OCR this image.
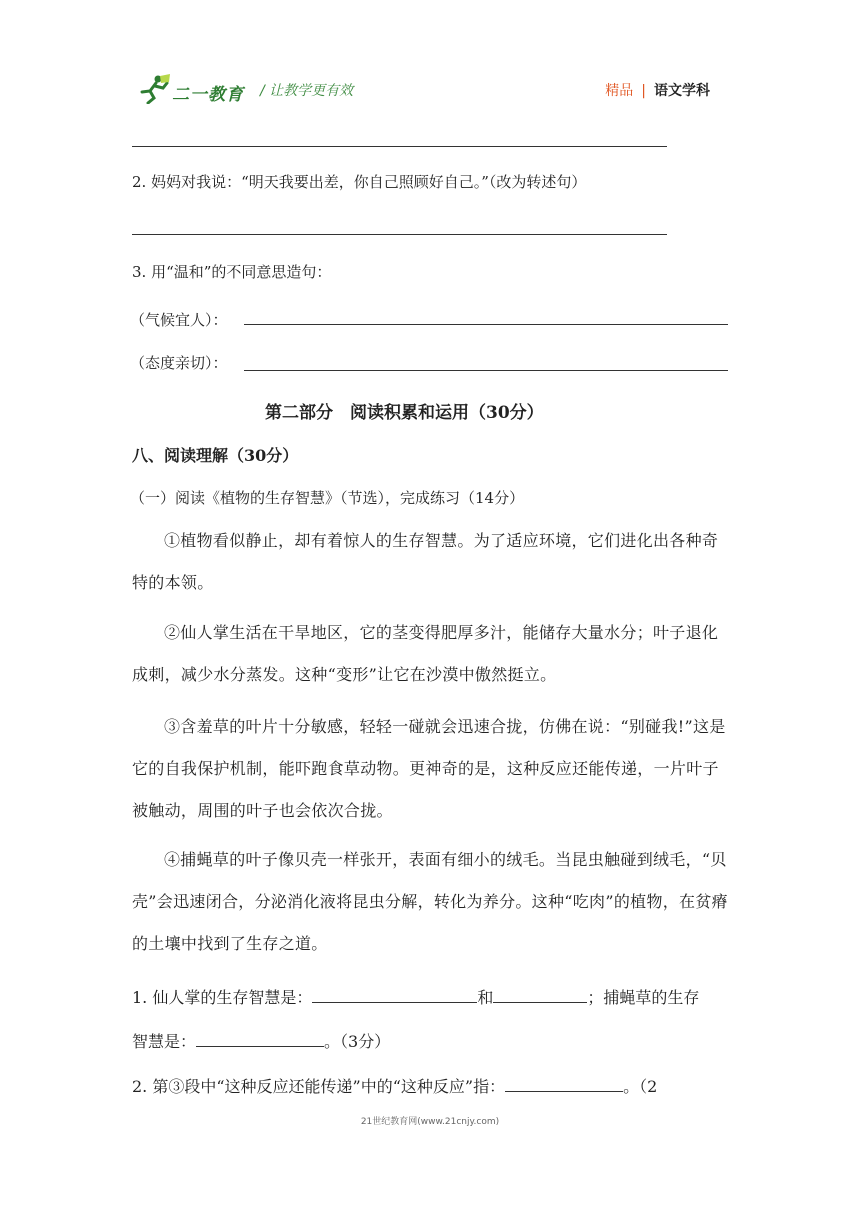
二一教育 / 让教学更有效	精品 | 语文学科
2. 妈妈对我说：“明天我要出差，你自己照顾好自己。”（改为转述句）
3. 用“温和”的不同意思造句：
（气候宜人）：
（态度亲切）：
第二部分　阅读积累和运用（30分）
八、阅读理解（30分）
（一）阅读《植物的生存智慧》（节选），完成练习（14分）
①植物看似静止，却有着惊人的生存智慧。为了适应环境，它们进化出各种奇特的本领。
②仙人掌生活在干旱地区，它的茎变得肥厚多汁，能储存大量水分；叶子退化成刺，减少水分蒸发。这种“变形”让它在沙漠中傲然挺立。
③含羞草的叶片十分敏感，轻轻一碰就会迅速合拢，仿佛在说：“别碰我!”这是它的自我保护机制，能吓跑食草动物。更神奇的是，这种反应还能传递，一片叶子被触动，周围的叶子也会依次合拢。
④捕蝇草的叶子像贝壳一样张开，表面有细小的绒毛。当昆虫触碰到绒毛，“贝壳”会迅速闭合，分泌消化液将昆虫分解，转化为养分。这种“吃肉”的植物，在贫瘠的土壤中找到了生存之道。
1. 仙人掌的生存智慧是：	和	；捕蝇草的生存
智慧是：	。（3分）
2. 第③段中“这种反应还能传递”中的“这种反应”指：	。（2
21世纪教育网(www.21cnjy.com)
